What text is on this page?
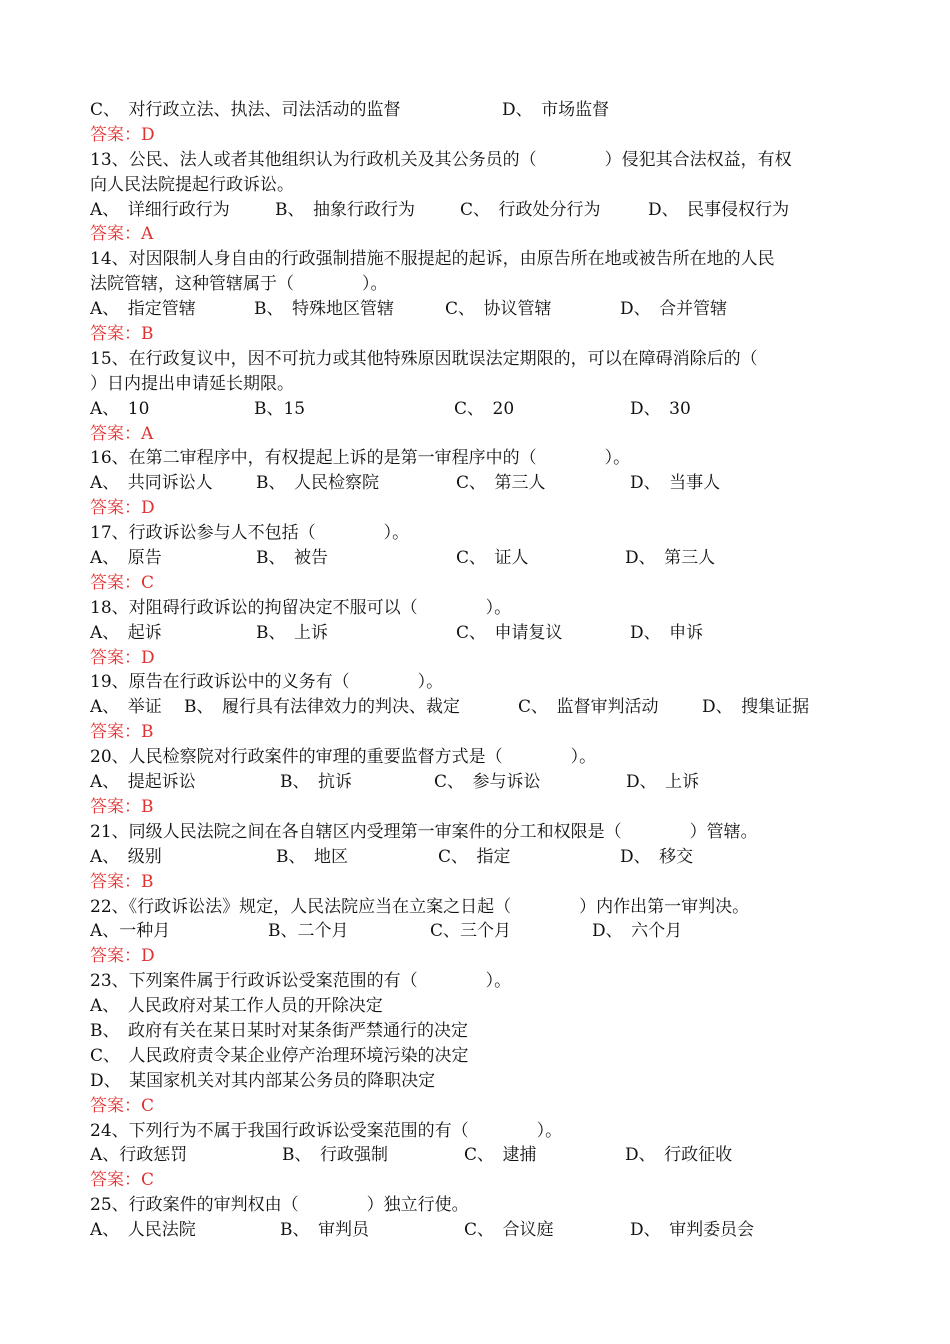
C、　对行政立法、执法、司法活动的监督	D、　市场监督
答案：D
13、公民、法人或者其他组织认为行政机关及其公务员的（　　　　）侵犯其合法权益，有权
向人民法院提起行政诉讼。
A、　详细行政行为	B、　抽象行政行为	C、　行政处分行为	D、　民事侵权行为
答案：A
14、对因限制人身自由的行政强制措施不服提起的起诉，由原告所在地或被告所在地的人民
法院管辖，这种管辖属于（　　　　）。
A、　指定管辖	B、　特殊地区管辖	C、　协议管辖	D、　合并管辖
答案：B
15、在行政复议中，因不可抗力或其他特殊原因耽误法定期限的，可以在障碍消除后的（
）日内提出申请延长期限。
A、　10	B、15	C、　20	D、　30
答案：A
16、在第二审程序中，有权提起上诉的是第一审程序中的（　　　　）。
A、　共同诉讼人	B、　人民检察院	C、　第三人	D、　当事人
答案：D
17、行政诉讼参与人不包括（　　　　）。
A、　原告	B、　被告	C、　证人	D、　第三人
答案：C
18、对阻碍行政诉讼的拘留决定不服可以（　　　　）。
A、　起诉	B、　上诉	C、　申请复议	D、　申诉
答案：D
19、原告在行政诉讼中的义务有（　　　　）。
A、　举证 B、　履行具有法律效力的判决、裁定	C、　监督审判活动	D、　搜集证据
答案：B
20、人民检察院对行政案件的审理的重要监督方式是（　　　　）。
A、　提起诉讼	B、　抗诉	C、　参与诉讼	D、　上诉
答案：B
21、同级人民法院之间在各自辖区内受理第一审案件的分工和权限是（　　　　）管辖。
A、　级别	B、　地区	C、　指定	D、　移交
答案：B
22、《行政诉讼法》规定，人民法院应当在立案之日起（　　　　）内作出第一审判决。
A、一种月	B、二个月	C、三个月	D、　六个月
答案：D
23、下列案件属于行政诉讼受案范围的有（　　　　）。
A、　人民政府对某工作人员的开除决定
B、　政府有关在某日某时对某条街严禁通行的决定
C、　人民政府责令某企业停产治理环境污染的决定
D、　某国家机关对其内部某公务员的降职决定
答案：C
24、下列行为不属于我国行政诉讼受案范围的有（　　　　）。
A、行政惩罚	B、　行政强制	C、　逮捕	D、　行政征收
答案：C
25、行政案件的审判权由（　　　　）独立行使。
A、　人民法院	B、　审判员	C、　合议庭	D、　审判委员会
